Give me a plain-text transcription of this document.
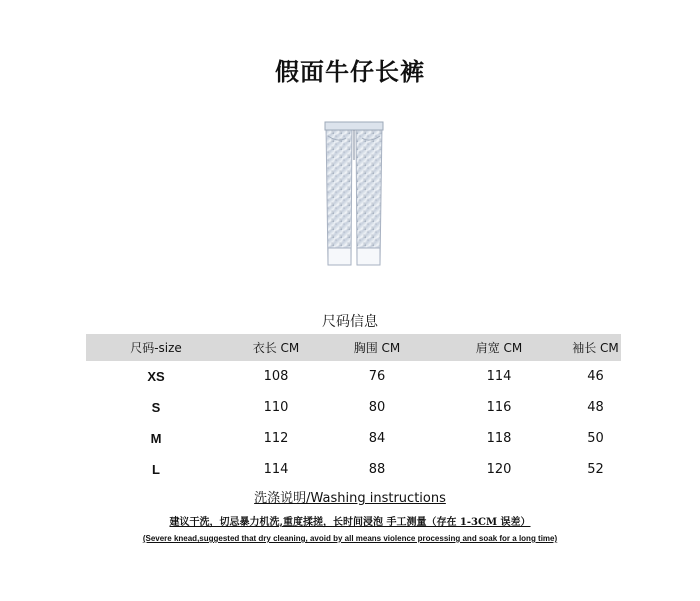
假面牛仔长裤
尺码信息
尺码-size	衣长 CM	胸围 CM	肩宽 CM	袖长 CM
XS	108	76	114	46
S	110	80	116	48
M	112	84	118	50
L	114	88	120	52
洗涤说明/Washing instructions
建议干洗，切忌暴力机洗,重度揉搓，长时间浸泡 手工测量（存在 1-3CM 误差）
(Severe knead,suggested that dry cleaning, avoid by all means violence processing and soak for a long time)
